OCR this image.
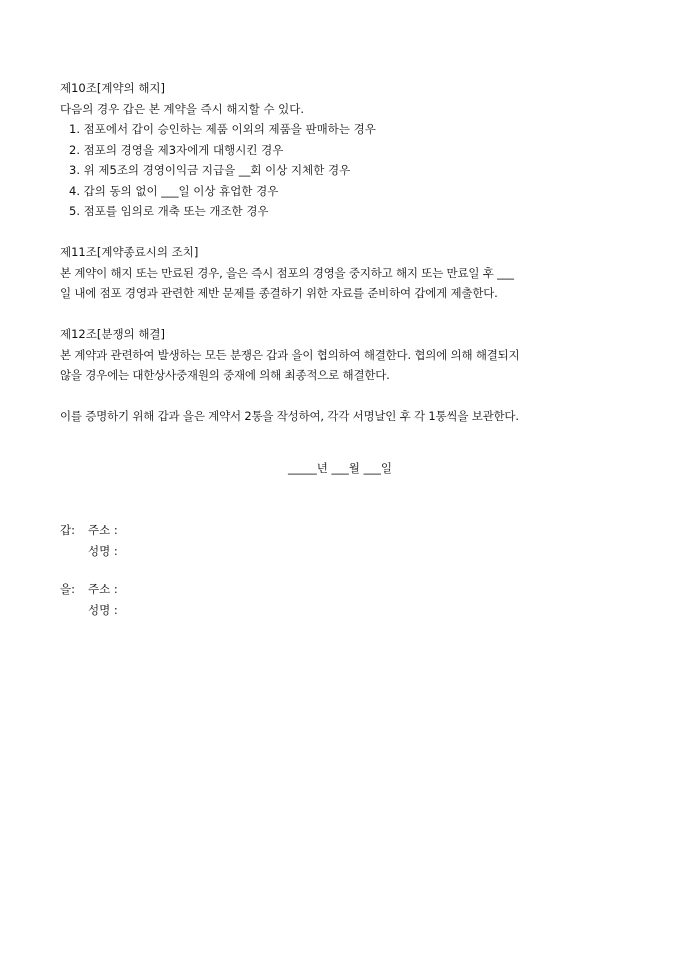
제10조[계약의 해지]
다음의 경우 갑은 본 계약을 즉시 해지할 수 있다.
1. 점포에서 갑이 승인하는 제품 이외의 제품을 판매하는 경우
2. 점포의 경영을 제3자에게 대행시킨 경우
3. 위 제5조의 경영이익금 지급을 __회 이상 지체한 경우
4. 갑의 동의 없이 ___일 이상 휴업한 경우
5. 점포를 임의로 개축 또는 개조한 경우
제11조[계약종료시의 조치]
본 계약이 해지 또는 만료된 경우, 을은 즉시 점포의 경영을 중지하고 해지 또는 만료일 후 ___
일 내에 점포 경영과 관련한 제반 문제를 종결하기 위한 자료를 준비하여 갑에게 제출한다.
제12조[분쟁의 해결]
본 계약과 관련하여 발생하는 모든 분쟁은 갑과 을이 협의하여 해결한다. 협의에 의해 해결되지
않을 경우에는 대한상사중재원의 중재에 의해 최종적으로 해결한다.
이를 증명하기 위해 갑과 을은 계약서 2통을 작성하여, 각각 서명날인 후 각 1통씩을 보관한다.
_____년 ___월 ___일
갑: 주소 :
성명 :
을: 주소 :
성명 :
